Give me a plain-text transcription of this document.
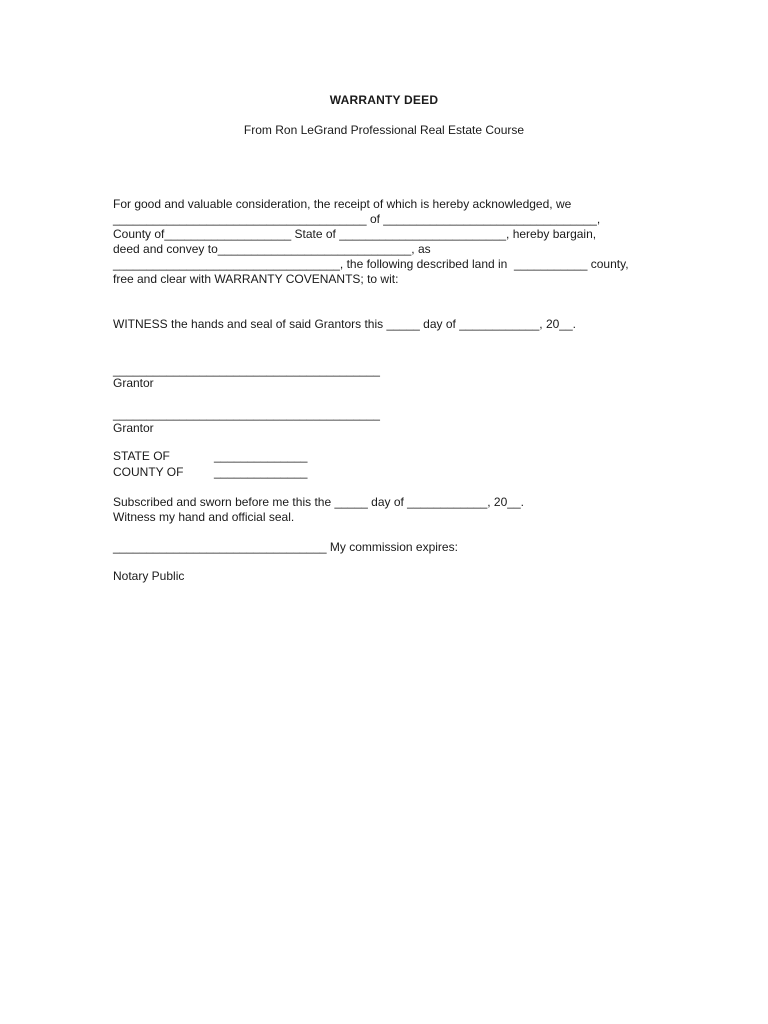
WARRANTY DEED
From Ron LeGrand Professional Real Estate Course
For good and valuable consideration, the receipt of which is hereby acknowledged, we
______________________________________ of ________________________________,
County of___________________ State of _________________________, hereby bargain,
deed and convey to_____________________________, as
__________________________________, the following described land in  ___________ county,
free and clear with WARRANTY COVENANTS; to wit:
WITNESS the hands and seal of said Grantors this _____ day of ____________, 20__.
________________________________________
Grantor
________________________________________
Grantor
STATE OF	______________
COUNTY OF	______________
Subscribed and sworn before me this the _____ day of ____________, 20__.
Witness my hand and official seal.
________________________________ My commission expires:
Notary Public
